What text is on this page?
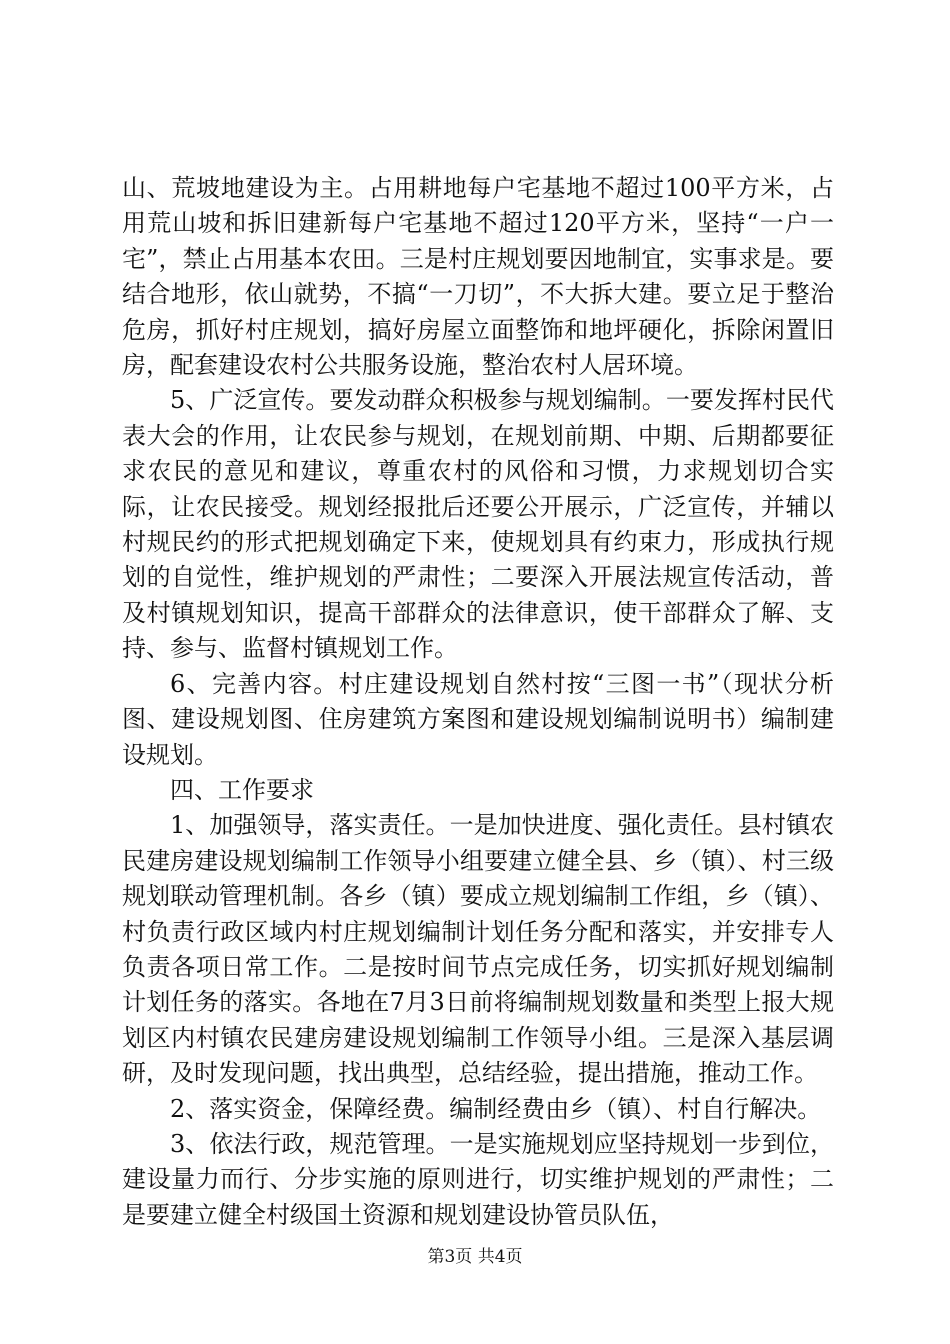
山、荒坡地建设为主。占用耕地每户宅基地不超过100平方米，占用荒山坡和拆旧建新每户宅基地不超过120平方米，坚持“一户一宅”，禁止占用基本农田。三是村庄规划要因地制宜，实事求是。要结合地形，依山就势，不搞“一刀切”，不大拆大建。要立足于整治危房，抓好村庄规划，搞好房屋立面整饰和地坪硬化，拆除闲置旧房，配套建设农村公共服务设施，整治农村人居环境。

5、广泛宣传。要发动群众积极参与规划编制。一要发挥村民代表大会的作用，让农民参与规划，在规划前期、中期、后期都要征求农民的意见和建议，尊重农村的风俗和习惯，力求规划切合实际，让农民接受。规划经报批后还要公开展示，广泛宣传，并辅以村规民约的形式把规划确定下来，使规划具有约束力，形成执行规划的自觉性，维护规划的严肃性；二要深入开展法规宣传活动，普及村镇规划知识，提高干部群众的法律意识，使干部群众了解、支持、参与、监督村镇规划工作。

6、完善内容。村庄建设规划自然村按“三图一书”（现状分析图、建设规划图、住房建筑方案图和建设规划编制说明书）编制建设规划。

四、工作要求

1、加强领导，落实责任。一是加快进度、强化责任。县村镇农民建房建设规划编制工作领导小组要建立健全县、乡（镇）、村三级规划联动管理机制。各乡（镇）要成立规划编制工作组，乡（镇）、村负责行政区域内村庄规划编制计划任务分配和落实，并安排专人负责各项日常工作。二是按时间节点完成任务，切实抓好规划编制计划任务的落实。各地在7月3日前将编制规划数量和类型上报大规划区内村镇农民建房建设规划编制工作领导小组。三是深入基层调研，及时发现问题，找出典型，总结经验，提出措施，推动工作。

2、落实资金，保障经费。编制经费由乡（镇）、村自行解决。

3、依法行政，规范管理。一是实施规划应坚持规划一步到位，建设量力而行、分步实施的原则进行，切实维护规划的严肃性；二是要建立健全村级国土资源和规划建设协管员队伍，

第3页 共4页
